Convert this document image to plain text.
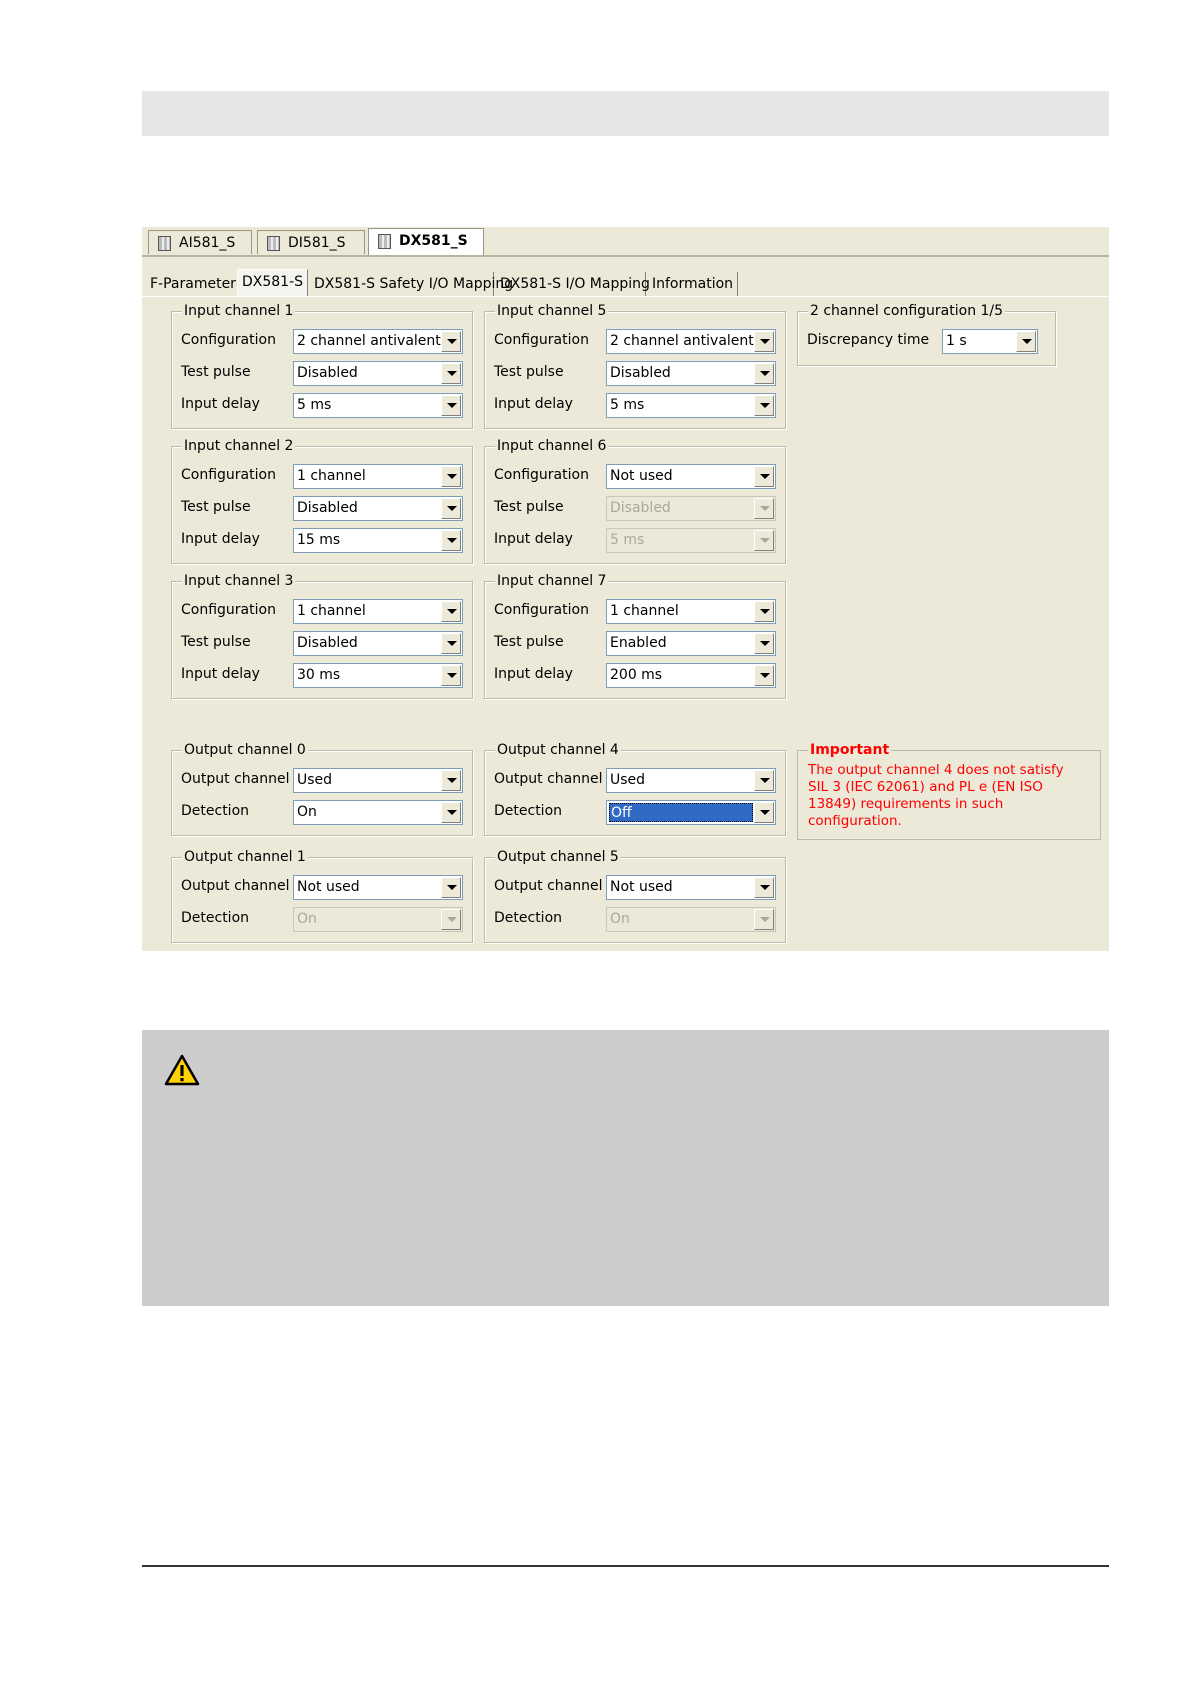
AI581_S	DI581_S	DX581_S
F-Parameter DX581-S DX581-S Safety I/O Mapping
DX581-S I/O Mapping Information
Input channel 1
Configuration 2 channel antivalent
Test pulse	Disabled
Input delay	5 ms
Input channel 2
Configuration 1 channel
Test pulse	Disabled
Input delay	15 ms
Input channel 3
Configuration 1 channel
Test pulse	Disabled
Input delay	30 ms
Input channel 5
Configuration 2 channel antivalent
Test pulse	Disabled
Input delay	5 ms
Input channel 6
Configuration Not used
Test pulse	Disabled
Input delay	5 ms
Input channel 7
Configuration 1 channel
Test pulse	Enabled
Input delay	200 ms
2 channel configuration 1/5
Discrepancy time 1 s
Output channel 0
Output channel Used
Detection	On
Output channel 1
Output channel Not used
Detection	On
Output channel 4
Output channel Used
Detection	Off
Output channel 5
Output channel Not used
Detection	On
Important
The output channel 4 does not satisfy SIL 3 (IEC 62061) and PL e (EN ISO 13849) requirements in such configuration.
